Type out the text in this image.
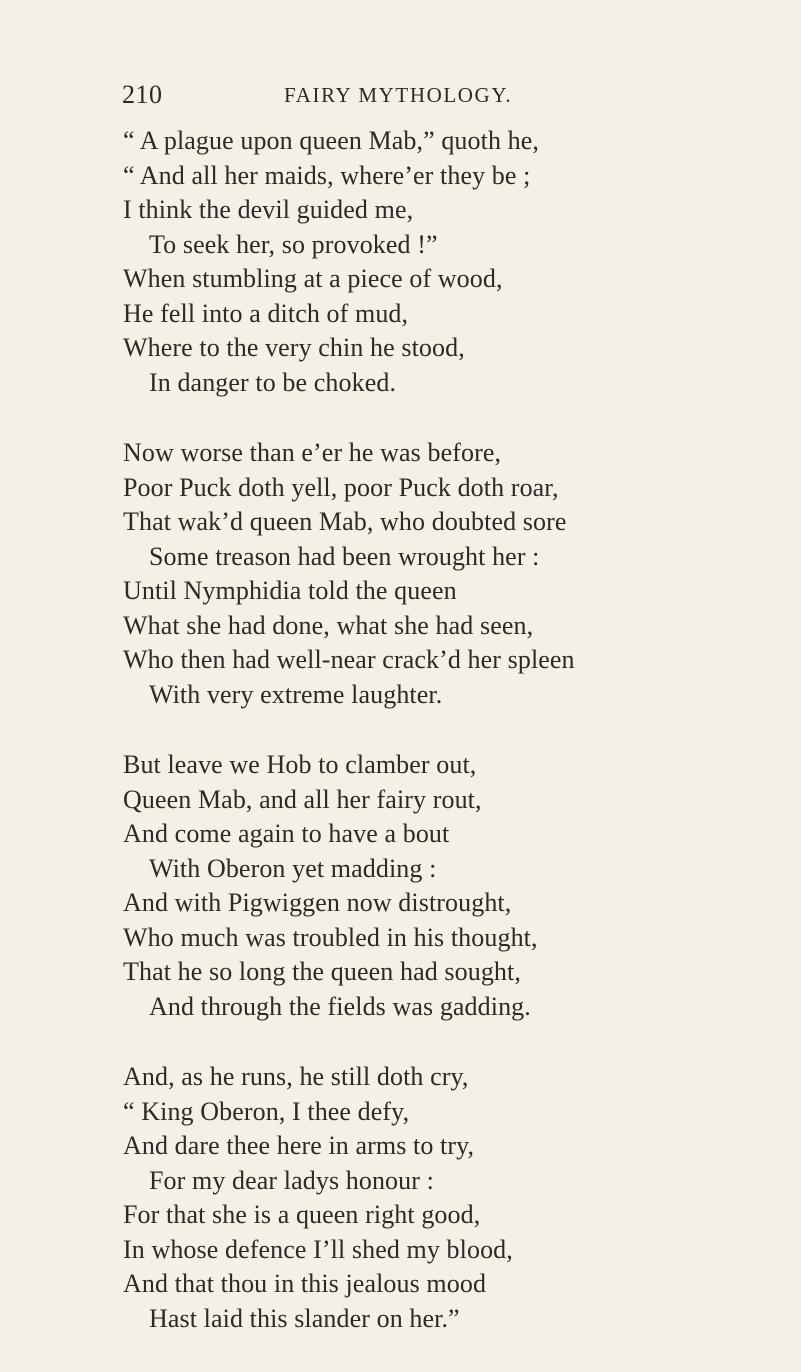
210	FAIRY MYTHOLOGY.
“ A plague upon queen Mab,” quoth he,
“ And all her maids, where’er they be ;
I think the devil guided me,
To seek her, so provoked !”
When stumbling at a piece of wood,
He fell into a ditch of mud,
Where to the very chin he stood,
In danger to be choked.
Now worse than e’er he was before,
Poor Puck doth yell, poor Puck doth roar,
That wak’d queen Mab, who doubted sore
Some treason had been wrought her :
Until Nymphidia told the queen
What she had done, what she had seen,
Who then had well-near crack’d her spleen
With very extreme laughter.
But leave we Hob to clamber out,
Queen Mab, and all her fairy rout,
And come again to have a bout
With Oberon yet madding :
And with Pigwiggen now distrought,
Who much was troubled in his thought,
That he so long the queen had sought,
And through the fields was gadding.
And, as he runs, he still doth cry,
“ King Oberon, I thee defy,
And dare thee here in arms to try,
For my dear ladys honour :
For that she is a queen right good,
In whose defence I’ll shed my blood,
And that thou in this jealous mood
Hast laid this slander on her.”
